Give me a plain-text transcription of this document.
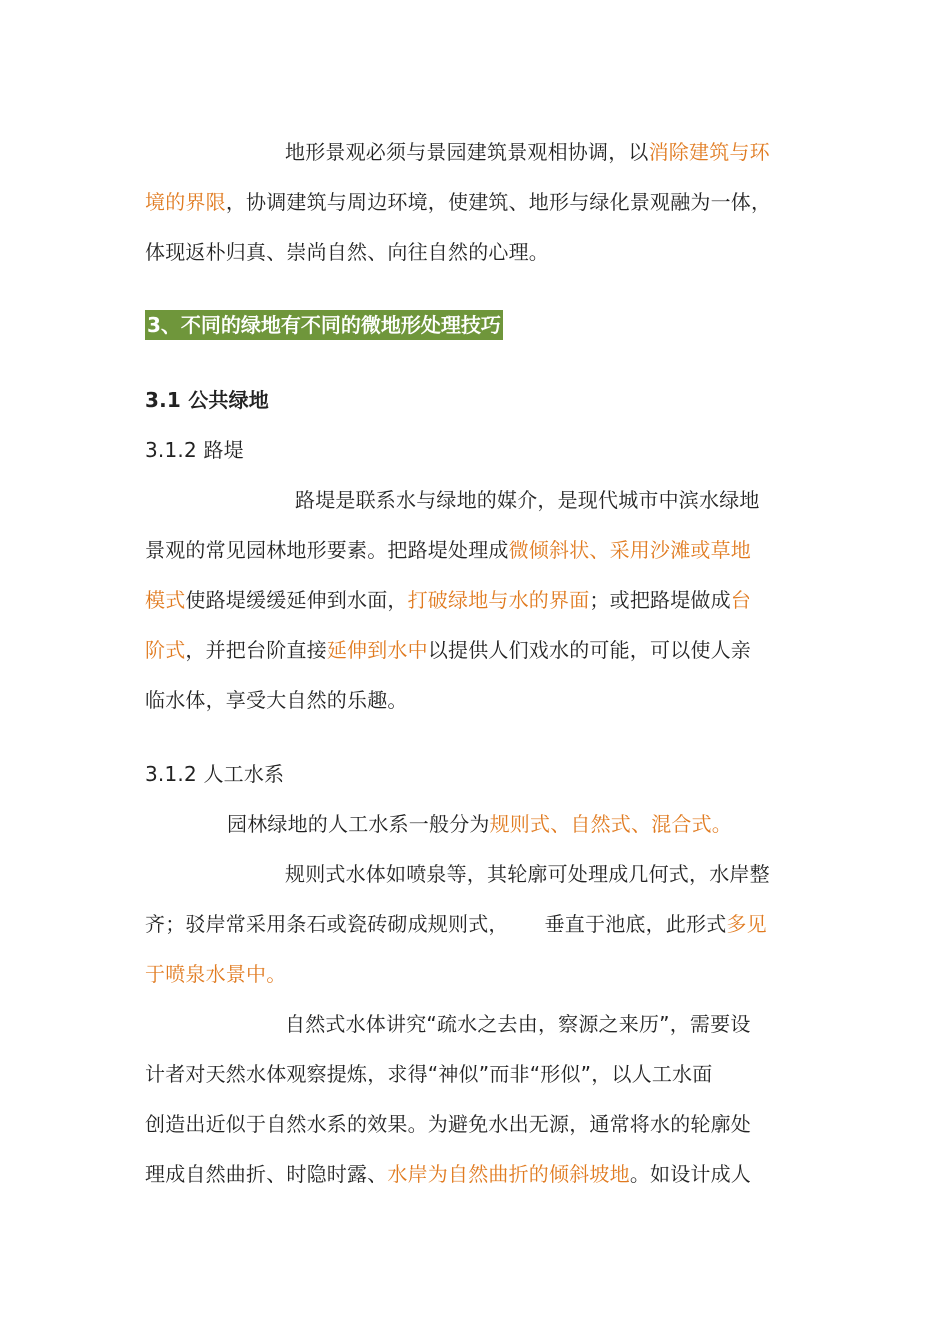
地形景观必须与景园建筑景观相协调，以消除建筑与环
境的界限，协调建筑与周边环境，使建筑、地形与绿化景观融为一体，
体现返朴归真、崇尚自然、向往自然的心理。
3、不同的绿地有不同的微地形处理技巧
3.1 公共绿地
3.1.2 路堤
路堤是联系水与绿地的媒介，是现代城市中滨水绿地
景观的常见园林地形要素。把路堤处理成微倾斜状、采用沙滩或草地
模式使路堤缓缓延伸到水面，打破绿地与水的界面；或把路堤做成台
阶式，并把台阶直接延伸到水中以提供人们戏水的可能，可以使人亲
临水体，享受大自然的乐趣。
3.1.2 人工水系
园林绿地的人工水系一般分为规则式、自然式、混合式。
规则式水体如喷泉等，其轮廓可处理成几何式，水岸整
齐；驳岸常采用条石或瓷砖砌成规则式， 垂直于池底，此形式多见
于喷泉水景中。
自然式水体讲究“疏水之去由，察源之来历”，需要设
计者对天然水体观察提炼，求得“神似”而非“形似”，以人工水面
创造出近似于自然水系的效果。为避免水出无源，通常将水的轮廓处
理成自然曲折、时隐时露、水岸为自然曲折的倾斜坡地。如设计成人
